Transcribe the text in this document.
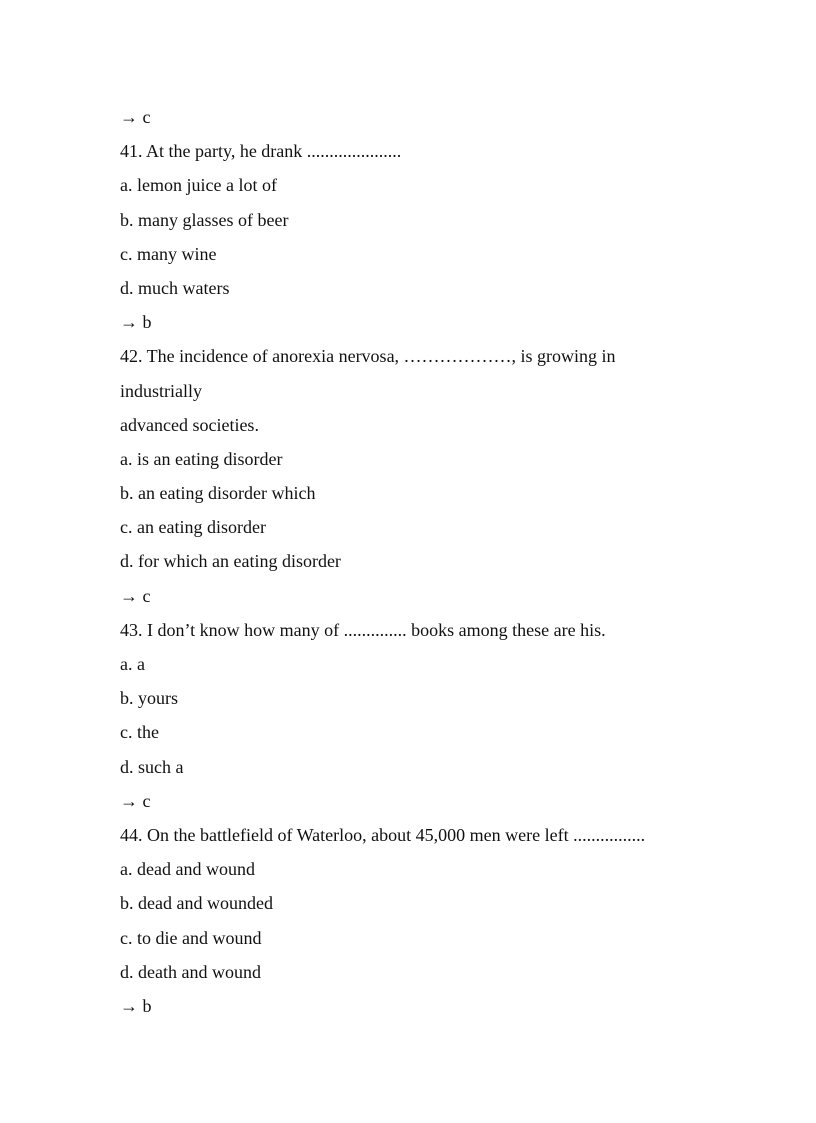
→ c

41. At the party, he drank .....................

a. lemon juice a lot of

b. many glasses of beer

c. many wine

d. much waters

→ b

42. The incidence of anorexia nervosa, ………………, is growing in

industrially

advanced societies.

a. is an eating disorder

b. an eating disorder which

c. an eating disorder

d. for which an eating disorder

→ c

43. I don’t know how many of .............. books among these are his.

a. a

b. yours

c. the

d. such a

→ c

44. On the battlefield of Waterloo, about 45,000 men were left ................

a. dead and wound

b. dead and wounded

c. to die and wound

d. death and wound

→ b
